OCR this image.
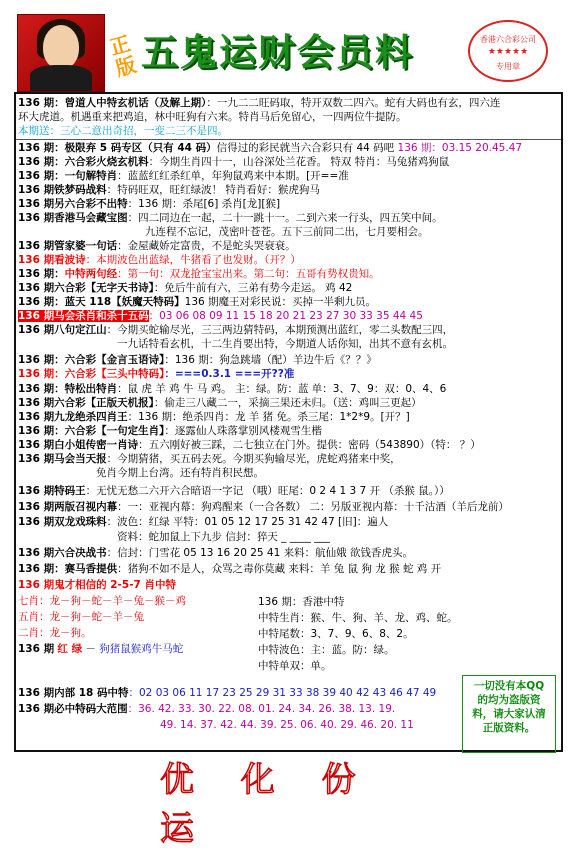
正版 五鬼运财会员料	香港六合彩公司
★★★★★
专用章
136 期：曾道人中特玄机话（及解上期）：一九二二旺码取，特开双数二四六。蛇有大码也有玄，四六连
环大虎道。机遇重来把鸡追，林中旺狗有六来。特肖马后免留心，一四两位牛提防。
本期送：三心二意出奇招，一变二三不是四。
136 期：极限弃 5 码专区（只有 44 码）信得过的彩民就当六合彩只有 44 码吧 136 期：03.15 20.45.47
136 期：六合彩火烧玄机料：今期生肖四十一，山谷深处兰花香。 特双 特肖：马兔猪鸡狗鼠
136 期：一句解特肖：蓝蓝红红杀红单，年狗鼠鸡来中本期。[开==准
136 期铁梦码战料：特码旺双，旺红绿波！ 特肖看好：猴虎狗马
136 期另六合彩不出特：136 期：杀尾[6] 杀肖[龙][猴]
136 期香港马会藏宝图：四二同边在一起，二十一跳十一。二到六来一行头，四五笑中间。
九连程不忘记，茂密叶苍苍。五下三前同二出，七月要相会。
136 期管家婆一句话：金屋藏娇定富贵，不是蛇头哭衰衰。
136 期看波诗：本期波色出蓝绿，牛猪看了也发财。（开？）
136 期：中特两句经：第一句：双龙抢宝宝出来。第二句：五哥有势权贵知。
136 期六合彩【无字天书诗】：免后牛前有六，三弟有势今走运。 鸡 42
136 期：蓝天 118【妖魔天特码】136 期魔王对彩民说：买掉一半剩九员。
136 期马会杀肖和杀十五码：03 06 08 09 11 15 18 20 21 23 27 30 33 35 44 45
136 期八句定江山：今期买蛇输尽光，三三两边猜特码，本期预测出蓝红，零二头数配三四，
一九话特看玄机，十二生肖要出特，今期道人话你知，出其不意有玄机。
136 期：六合彩【金言玉语诗】：136 期：狗急跳墙（配）羊边牛后《？？》
136 期：六合彩【三头中特码】：===0.3.1 ===开??准
136 期：特松出特肖：鼠 虎 羊 鸡 牛 马 鸡。 主：绿。防：蓝 单：3、7、9：双：0、4、6
136 期六合彩【正版天机报】：偷走三八藏二一，采摘三果还未归。（送：鸡叫三更起）
136 期九龙绝杀四肖王：136 期：绝杀四肖：龙 羊 猪 免。杀三尾：1*2*9。[开？]
136 期：六合彩【一句定生肖】：逐露仙人珠落掌别风楼观雪生楷
136 期白小姐传密一肖诗：五六刚好被三踩，二七独立在门外。提供：密码（543890）（特： ？）
136 期马会当天报：今期猜猪，买五码去死。今期买狗输尽光，虎蛇鸡猪来中奖，
免肖今期上台湾。还有特肖积民想。
136 期特码王：无忧无愁二六开六合暗语一字记 （哦）旺尾：0 2 4 1 3 7 开 （杀猴 鼠。））
136 期两版召视内幕：一：亚视内幕：狗鸡醒来（一合各数） 二：另版亚视内幕：十千沽酒（羊后龙前）
136 期双龙戏珠料：波色：红绿 平特：01 05 12 17 25 31 42 47 [旧]：遍人
资料：蛇加鼠上下九步 信封：猝天 _ ____ ___
136 期六合决战书：信封：门雪花 05 13 16 20 25 41 来料：航仙娥 欲钱香虎头。
136 期：赛马香提供：猪狗不如不是人，众骂之毒你莫藏 来料：羊 兔 鼠 狗 龙 猴 蛇 鸡 开
136 期鬼才相信的 2-5-7 肖中特
七肖：龙－狗－蛇－羊－兔－猴－鸡
五肖：龙－狗－蛇－羊－兔
二肖：龙－狗。
136 期 红 绿 － 狗猪鼠猴鸡牛马蛇
136 期：香港中特
中特生肖：猴、牛、狗、羊、龙、鸡、蛇。
中特尾数：3、7、9、6、8、2。
中特波色：主：蓝。防：绿。
中特单双：单。
136 期内部 18 码中特：02 03 06 11 17 23 25 29 31 33 38 39 40 42 43 46 47 49
136 期必中特码大范围：36. 42. 33. 30. 22. 08. 01. 24. 34. 26. 38. 13. 19.
49. 14. 37. 42. 44. 39. 25. 06. 40. 29. 46. 20. 11
一切没有本QQ 的均为盗版资料，请大家认清正版资料。
优 化 份 运
